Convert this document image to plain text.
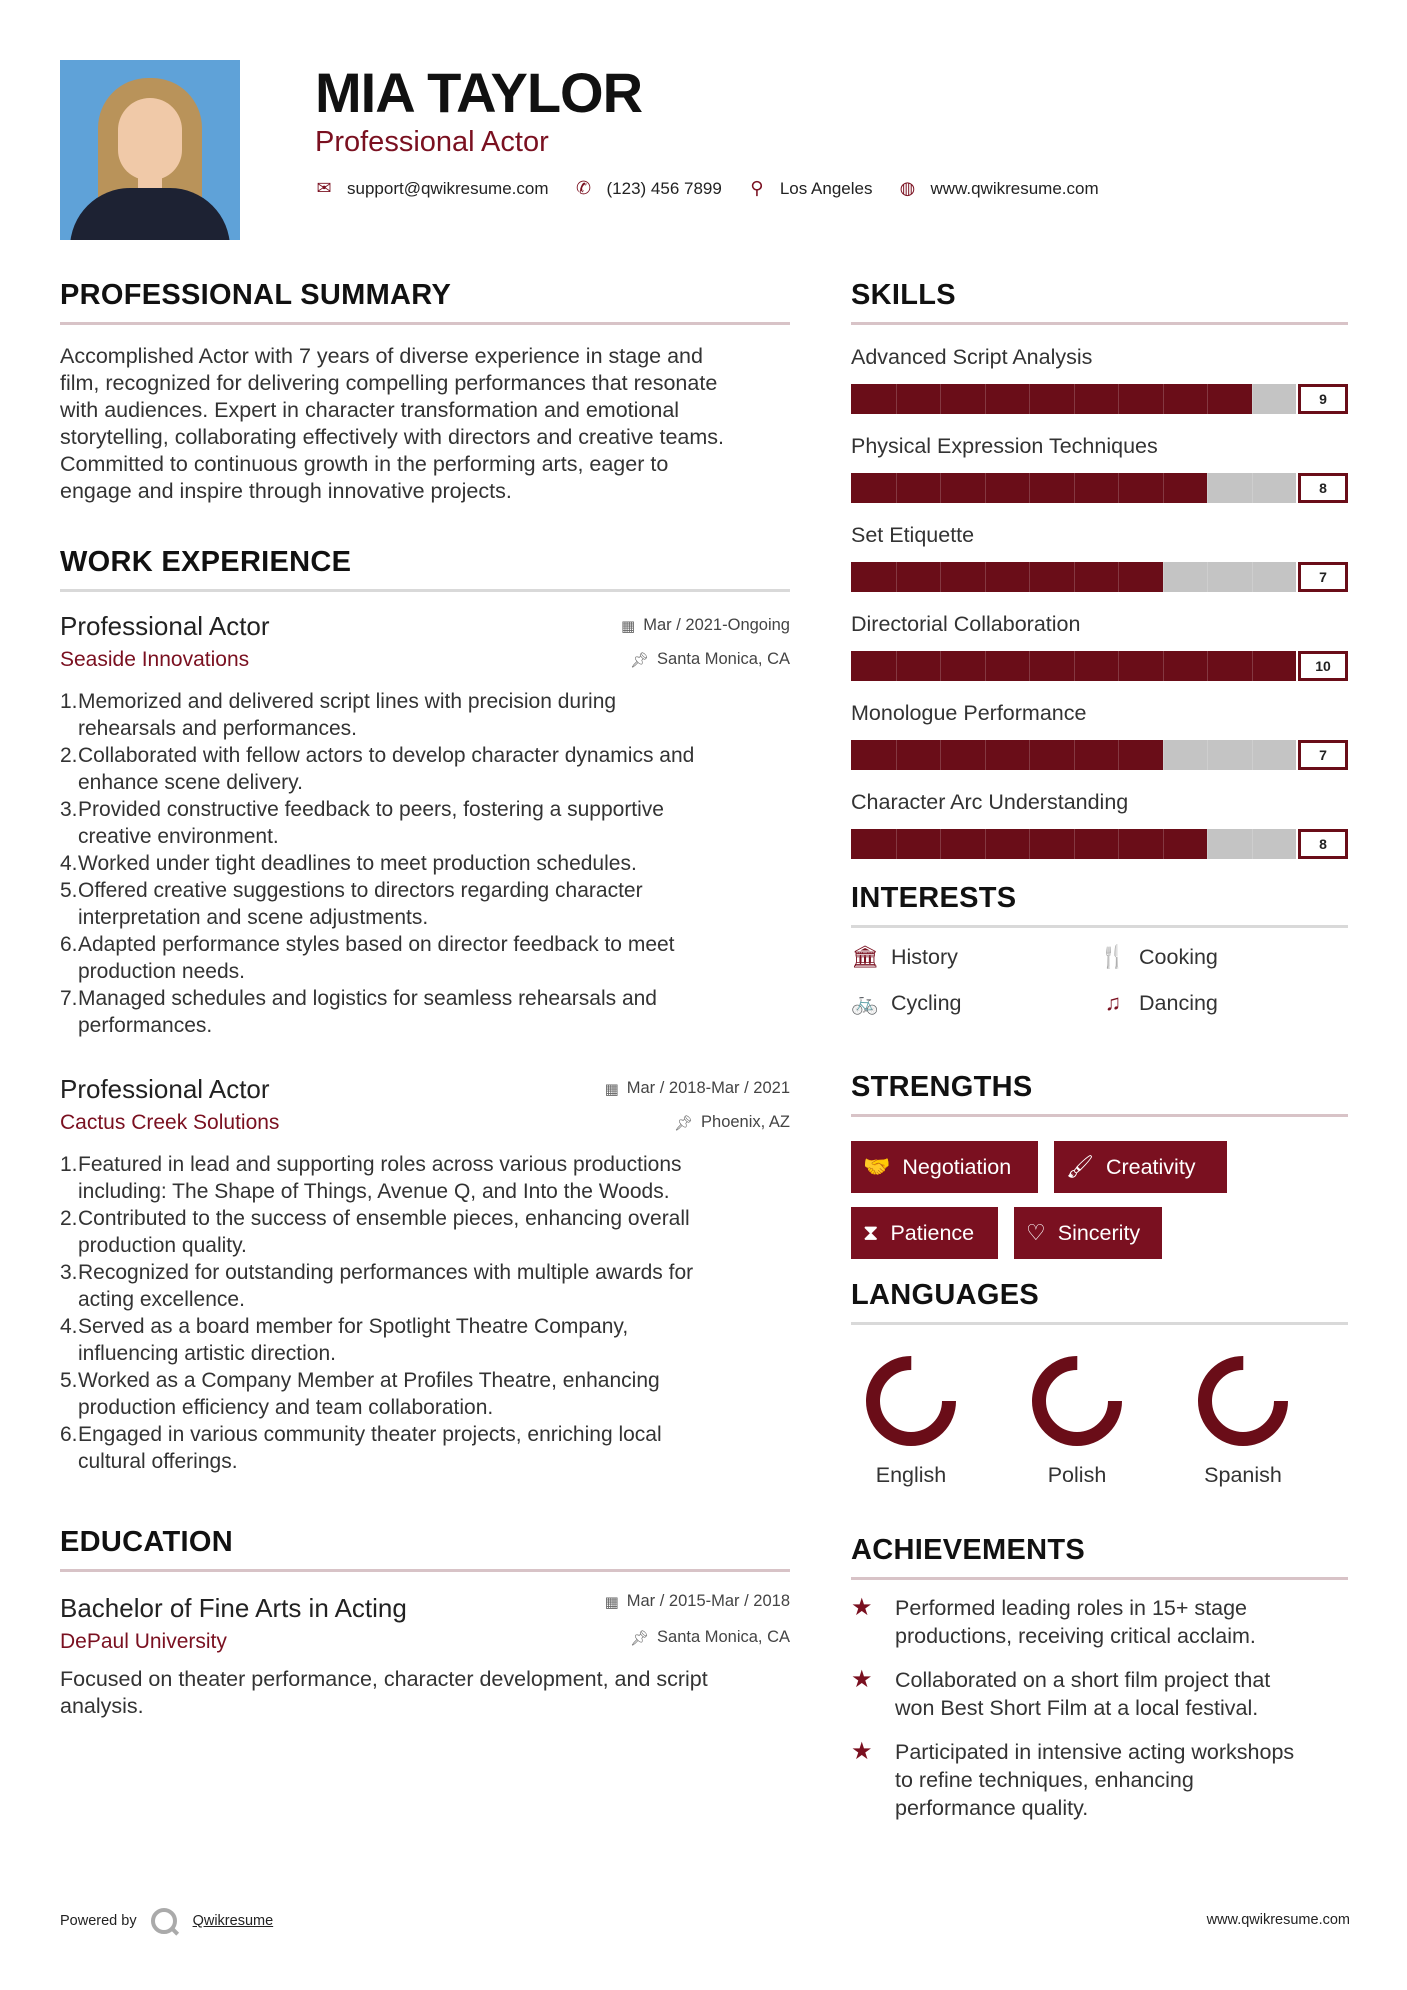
MIA TAYLOR
Professional Actor
✉ support@qwikresume.com ✆ (123) 456 7899 ⚲ Los Angeles ◍ www.qwikresume.com
PROFESSIONAL SUMMARY
Accomplished Actor with 7 years of diverse experience in stage and
film, recognized for delivering compelling performances that resonate
with audiences. Expert in character transformation and emotional
storytelling, collaborating effectively with directors and creative teams.
Committed to continuous growth in the performing arts, eager to
engage and inspire through innovative projects.
WORK EXPERIENCE
▦ Mar / 2021-Ongoing
📌︎ Santa Monica, CA
Professional Actor
Seaside Innovations
1. Memorized and delivered script lines with precision during
rehearsals and performances.
2. Collaborated with fellow actors to develop character dynamics and
enhance scene delivery.
3. Provided constructive feedback to peers, fostering a supportive
creative environment.
4. Worked under tight deadlines to meet production schedules.
5. Offered creative suggestions to directors regarding character
interpretation and scene adjustments.
6. Adapted performance styles based on director feedback to meet
production needs.
7. Managed schedules and logistics for seamless rehearsals and
performances.
▦ Mar / 2018-Mar / 2021
📌︎ Phoenix, AZ
Professional Actor
Cactus Creek Solutions
1. Featured in lead and supporting roles across various productions
including: The Shape of Things, Avenue Q, and Into the Woods.
2. Contributed to the success of ensemble pieces, enhancing overall
production quality.
3. Recognized for outstanding performances with multiple awards for
acting excellence.
4. Served as a board member for Spotlight Theatre Company,
influencing artistic direction.
5. Worked as a Company Member at Profiles Theatre, enhancing
production efficiency and team collaboration.
6. Engaged in various community theater projects, enriching local
cultural offerings.
EDUCATION
▦ Mar / 2015-Mar / 2018
📌︎ Santa Monica, CA
Bachelor of Fine Arts in Acting
DePaul University
Focused on theater performance, character development, and script
analysis.
SKILLS
Advanced Script Analysis
9
Physical Expression Techniques
8
Set Etiquette
7
Directorial Collaboration
10
Monologue Performance
7
Character Arc Understanding
8
INTERESTS
🏛 History	🍴 Cooking
🚲 Cycling	♫ Dancing
STRENGTHS
🤝 Negotiation 🖌 Creativity
⧗ Patience ♡ Sincerity
LANGUAGES
English	Polish	Spanish
ACHIEVEMENTS
★	Performed leading roles in 15+ stage
productions, receiving critical acclaim.
★	Collaborated on a short film project that
won Best Short Film at a local festival.
★	Participated in intensive acting workshops
to refine techniques, enhancing
performance quality.
Powered by	Qwikresume	www.qwikresume.com
